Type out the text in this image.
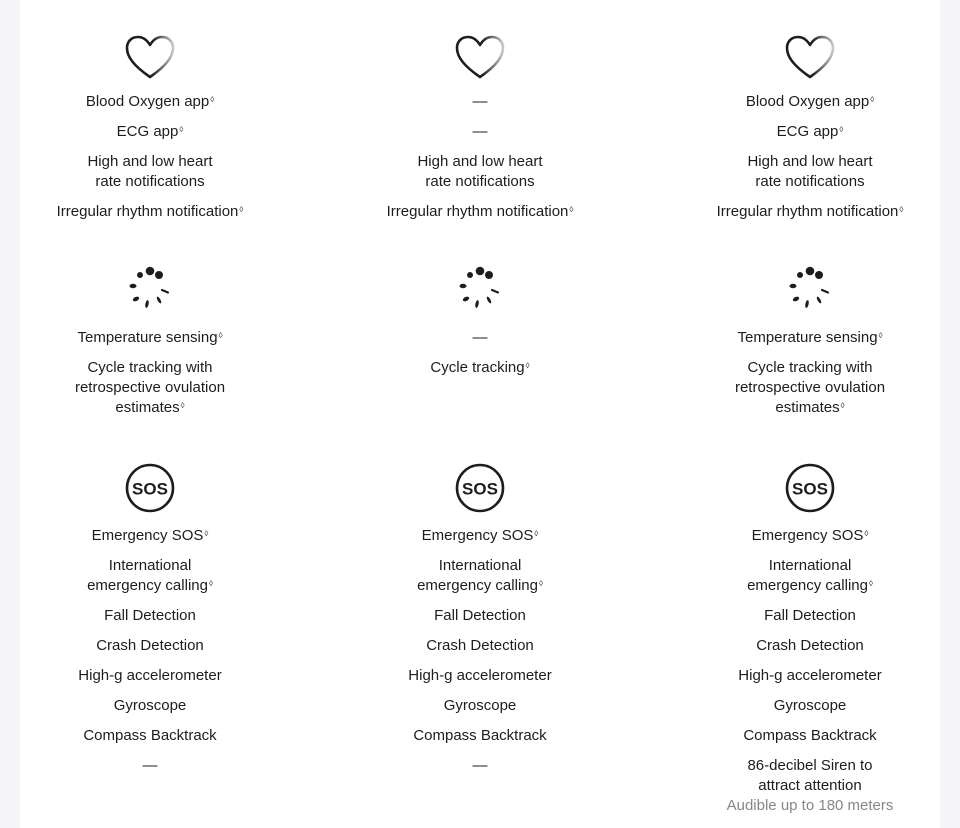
Blood Oxygen app◊
ECG app◊
High and low heart
rate notifications
Irregular rhythm notification◊
Temperature sensing◊
Cycle tracking with
retrospective ovulation
estimates◊
SOS
Emergency SOS◊
International
emergency calling◊
Fall Detection
Crash Detection
High-g accelerometer
Gyroscope
Compass Backtrack
—
—
—
High and low heart
rate notifications
Irregular rhythm notification◊
—
Cycle tracking◊
SOS
Emergency SOS◊
International
emergency calling◊
Fall Detection
Crash Detection
High-g accelerometer
Gyroscope
Compass Backtrack
—
Blood Oxygen app◊
ECG app◊
High and low heart
rate notifications
Irregular rhythm notification◊
Temperature sensing◊
Cycle tracking with
retrospective ovulation
estimates◊
SOS
Emergency SOS◊
International
emergency calling◊
Fall Detection
Crash Detection
High-g accelerometer
Gyroscope
Compass Backtrack
86-decibel Siren to
attract attention
Audible up to 180 meters
